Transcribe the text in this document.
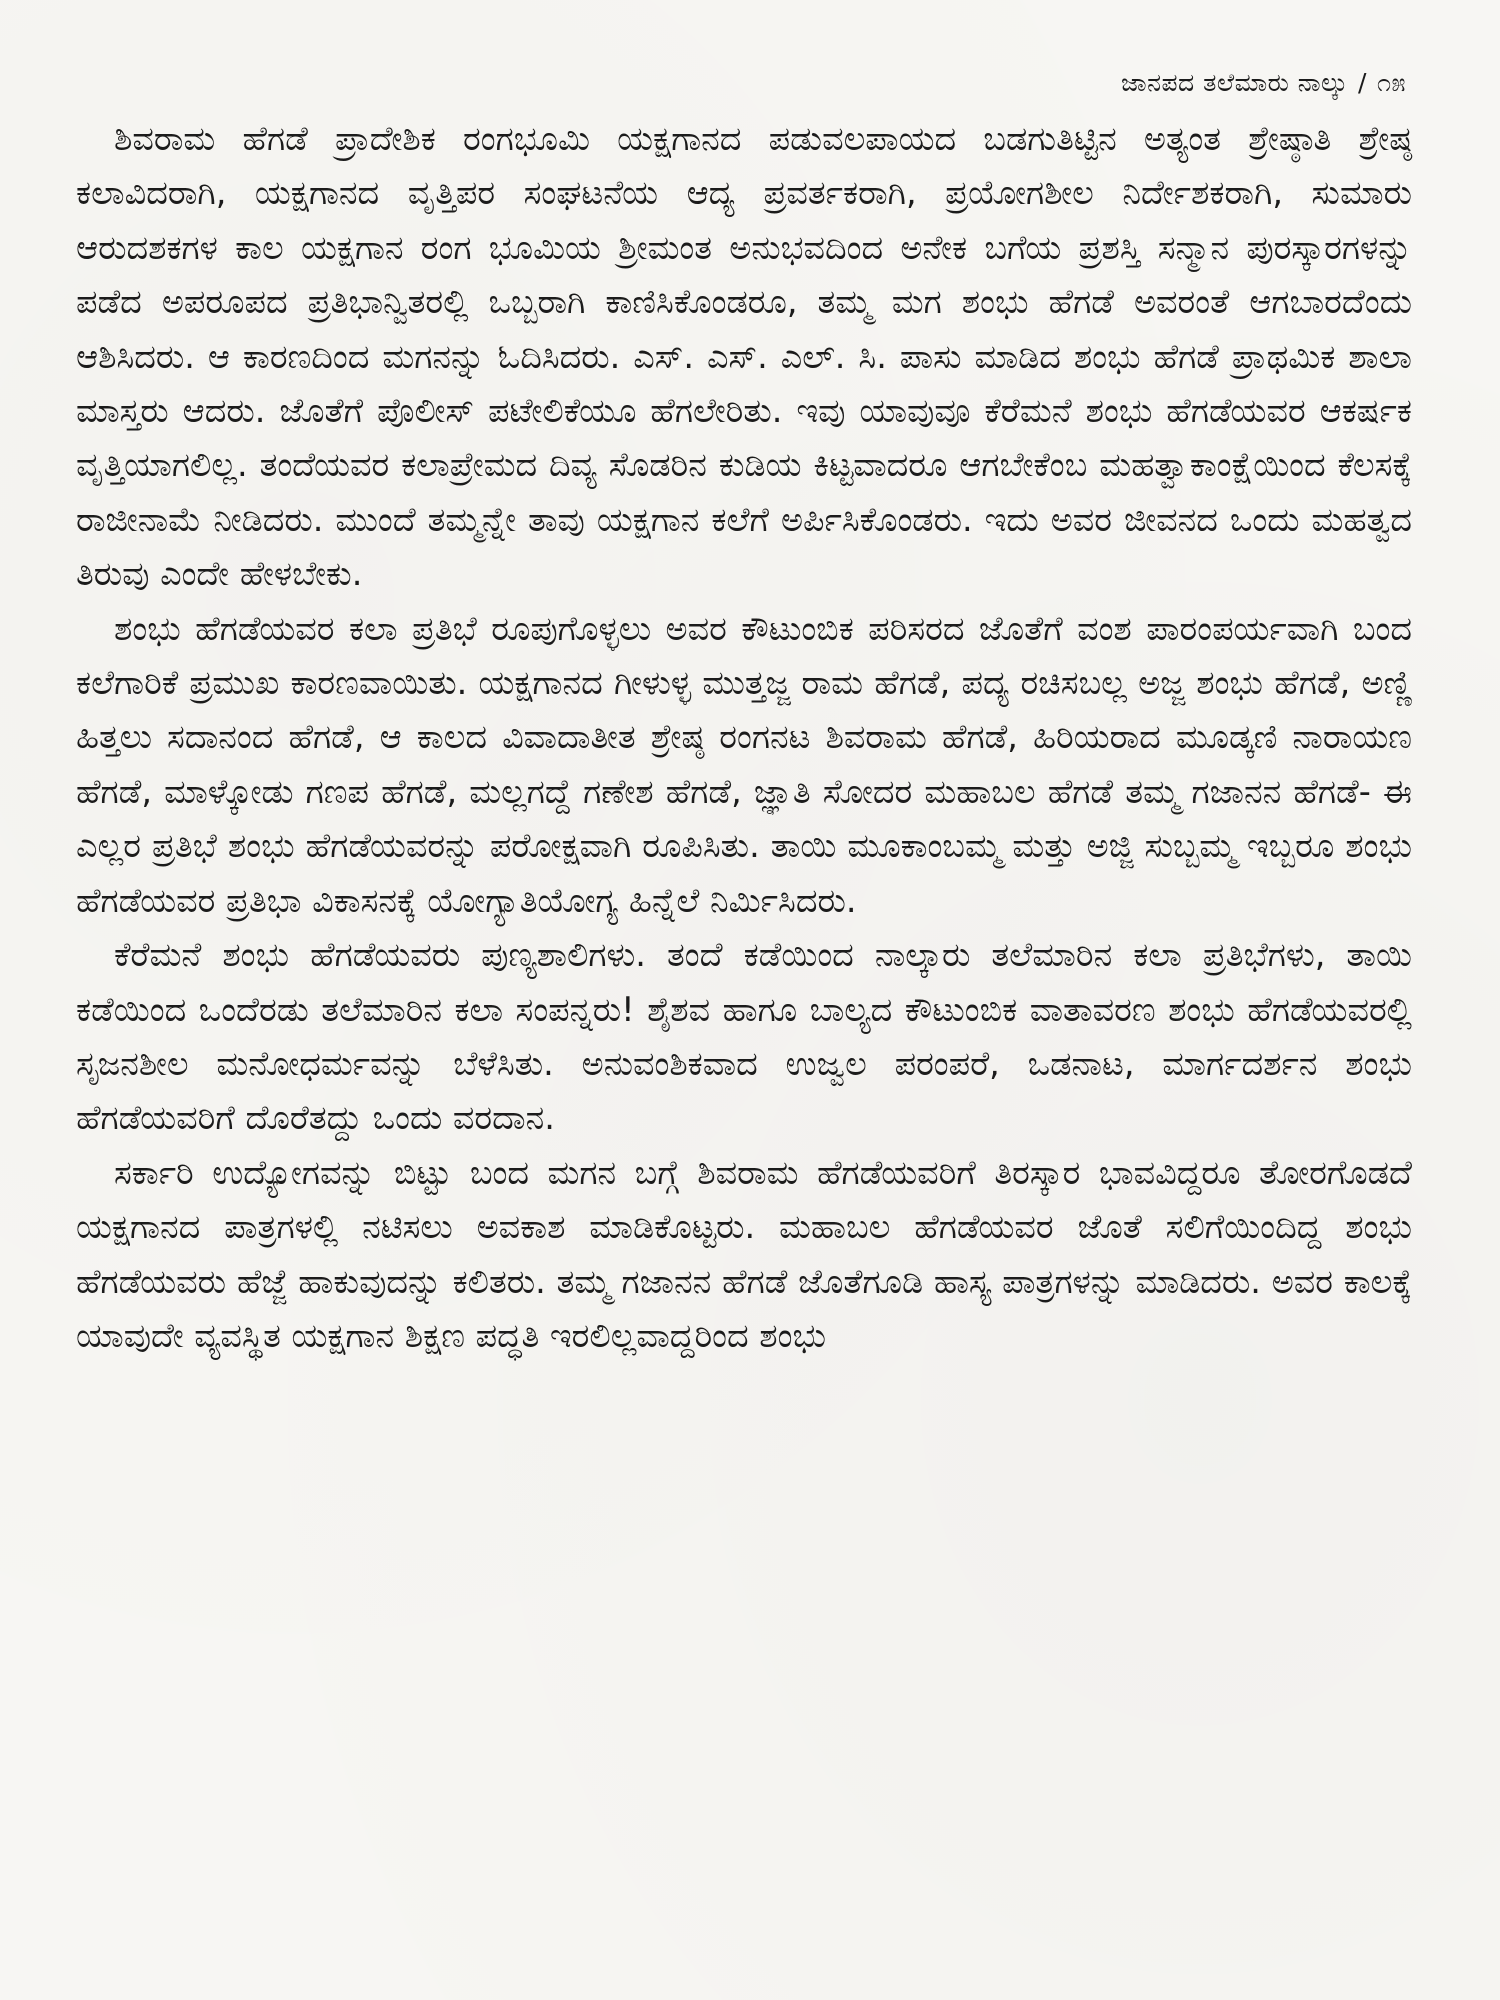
ಜಾನಪದ ತಲೆಮಾರು ನಾಲ್ಕು / ೧೫

ಶಿವರಾಮ ಹೆಗಡೆ ಪ್ರಾದೇಶಿಕ ರಂಗಭೂಮಿ ಯಕ್ಷಗಾನದ ಪಡುವಲಪಾಯದ ಬಡಗುತಿಟ್ಟಿನ ಅತ್ಯಂತ ಶ್ರೇಷ್ಠಾತಿ ಶ್ರೇಷ್ಠ ಕಲಾವಿದರಾಗಿ, ಯಕ್ಷಗಾನದ ವೃತ್ತಿಪರ ಸಂಘಟನೆಯ ಆದ್ಯ ಪ್ರವರ್ತಕರಾಗಿ, ಪ್ರಯೋಗಶೀಲ ನಿರ್ದೇಶಕರಾಗಿ, ಸುಮಾರು ಆರುದಶಕಗಳ ಕಾಲ ಯಕ್ಷಗಾನ ರಂಗ ಭೂಮಿಯ ಶ್ರೀಮಂತ ಅನುಭವದಿಂದ ಅನೇಕ ಬಗೆಯ ಪ್ರಶಸ್ತಿ ಸನ್ಮಾನ ಪುರಸ್ಕಾರಗಳನ್ನು ಪಡೆದ ಅಪರೂಪದ ಪ್ರತಿಭಾನ್ವಿತರಲ್ಲಿ ಒಬ್ಬರಾಗಿ ಕಾಣಿಸಿಕೊಂಡರೂ, ತಮ್ಮ ಮಗ ಶಂಭು ಹೆಗಡೆ ಅವರಂತೆ ಆಗಬಾರದೆಂದು ಆಶಿಸಿದರು. ಆ ಕಾರಣದಿಂದ ಮಗನನ್ನು ಓದಿಸಿದರು. ಎಸ್. ಎಸ್. ಎಲ್. ಸಿ. ಪಾಸು ಮಾಡಿದ ಶಂಭು ಹೆಗಡೆ ಪ್ರಾಥಮಿಕ ಶಾಲಾ ಮಾಸ್ತರು ಆದರು. ಜೊತೆಗೆ ಪೊಲೀಸ್ ಪಟೇಲಿಕೆಯೂ ಹೆಗಲೇರಿತು. ಇವು ಯಾವುವೂ ಕೆರೆಮನೆ ಶಂಭು ಹೆಗಡೆಯವರ ಆಕರ್ಷಕ ವೃತ್ತಿಯಾಗಲಿಲ್ಲ. ತಂದೆಯವರ ಕಲಾಪ್ರೇಮದ ದಿವ್ಯ ಸೊಡರಿನ ಕುಡಿಯ ಕಿಟ್ಟವಾದರೂ ಆಗಬೇಕೆಂಬ ಮಹತ್ವಾಕಾಂಕ್ಷೆಯಿಂದ ಕೆಲಸಕ್ಕೆ ರಾಜೀನಾಮೆ ನೀಡಿದರು. ಮುಂದೆ ತಮ್ಮನ್ನೇ ತಾವು ಯಕ್ಷಗಾನ ಕಲೆಗೆ ಅರ್ಪಿಸಿಕೊಂಡರು. ಇದು ಅವರ ಜೀವನದ ಒಂದು ಮಹತ್ವದ ತಿರುವು ಎಂದೇ ಹೇಳಬೇಕು.

ಶಂಭು ಹೆಗಡೆಯವರ ಕಲಾ ಪ್ರತಿಭೆ ರೂಪುಗೊಳ್ಳಲು ಅವರ ಕೌಟುಂಬಿಕ ಪರಿಸರದ ಜೊತೆಗೆ ವಂಶ ಪಾರಂಪರ್ಯವಾಗಿ ಬಂದ ಕಲೆಗಾರಿಕೆ ಪ್ರಮುಖ ಕಾರಣವಾಯಿತು. ಯಕ್ಷಗಾನದ ಗೀಳುಳ್ಳ ಮುತ್ತಜ್ಜ ರಾಮ ಹೆಗಡೆ, ಪದ್ಯ ರಚಿಸಬಲ್ಲ ಅಜ್ಜ ಶಂಭು ಹೆಗಡೆ, ಅಣ್ಣಿ ಹಿತ್ತಲು ಸದಾನಂದ ಹೆಗಡೆ, ಆ ಕಾಲದ ವಿವಾದಾತೀತ ಶ್ರೇಷ್ಠ ರಂಗನಟ ಶಿವರಾಮ ಹೆಗಡೆ, ಹಿರಿಯರಾದ ಮೂಡ್ಕಣಿ ನಾರಾಯಣ ಹೆಗಡೆ, ಮಾಳ್ಕೋಡು ಗಣಪ ಹೆಗಡೆ, ಮಲ್ಲಗದ್ದೆ ಗಣೇಶ ಹೆಗಡೆ, ಜ್ಞಾತಿ ಸೋದರ ಮಹಾಬಲ ಹೆಗಡೆ ತಮ್ಮ ಗಜಾನನ ಹೆಗಡೆ- ಈ ಎಲ್ಲರ ಪ್ರತಿಭೆ ಶಂಭು ಹೆಗಡೆಯವರನ್ನು ಪರೋಕ್ಷವಾಗಿ ರೂಪಿಸಿತು. ತಾಯಿ ಮೂಕಾಂಬಮ್ಮ ಮತ್ತು ಅಜ್ಜಿ ಸುಬ್ಬಮ್ಮ ಇಬ್ಬರೂ ಶಂಭು ಹೆಗಡೆಯವರ ಪ್ರತಿಭಾ ವಿಕಾಸನಕ್ಕೆ ಯೋಗ್ಯಾತಿಯೋಗ್ಯ ಹಿನ್ನೆಲೆ ನಿರ್ಮಿಸಿದರು.

ಕೆರೆಮನೆ ಶಂಭು ಹೆಗಡೆಯವರು ಪುಣ್ಯಶಾಲಿಗಳು. ತಂದೆ ಕಡೆಯಿಂದ ನಾಲ್ಕಾರು ತಲೆಮಾರಿನ ಕಲಾ ಪ್ರತಿಭೆಗಳು, ತಾಯಿ ಕಡೆಯಿಂದ ಒಂದೆರಡು ತಲೆಮಾರಿನ ಕಲಾ ಸಂಪನ್ನರು! ಶೈಶವ ಹಾಗೂ ಬಾಲ್ಯದ ಕೌಟುಂಬಿಕ ವಾತಾವರಣ ಶಂಭು ಹೆಗಡೆಯವರಲ್ಲಿ ಸೃಜನಶೀಲ ಮನೋಧರ್ಮವನ್ನು ಬೆಳೆಸಿತು. ಅನುವಂಶಿಕವಾದ ಉಜ್ವಲ ಪರಂಪರೆ, ಒಡನಾಟ, ಮಾರ್ಗದರ್ಶನ ಶಂಭು ಹೆಗಡೆಯವರಿಗೆ ದೊರೆತದ್ದು ಒಂದು ವರದಾನ.

ಸರ್ಕಾರಿ ಉದ್ಯೋಗವನ್ನು ಬಿಟ್ಟು ಬಂದ ಮಗನ ಬಗ್ಗೆ ಶಿವರಾಮ ಹೆಗಡೆಯವರಿಗೆ ತಿರಸ್ಕಾರ ಭಾವವಿದ್ದರೂ ತೋರಗೊಡದೆ ಯಕ್ಷಗಾನದ ಪಾತ್ರಗಳಲ್ಲಿ ನಟಿಸಲು ಅವಕಾಶ ಮಾಡಿಕೊಟ್ಟರು. ಮಹಾಬಲ ಹೆಗಡೆಯವರ ಜೊತೆ ಸಲಿಗೆಯಿಂದಿದ್ದ ಶಂಭು ಹೆಗಡೆಯವರು ಹೆಜ್ಜೆ ಹಾಕುವುದನ್ನು ಕಲಿತರು. ತಮ್ಮ ಗಜಾನನ ಹೆಗಡೆ ಜೊತೆಗೂಡಿ ಹಾಸ್ಯ ಪಾತ್ರಗಳನ್ನು ಮಾಡಿದರು. ಅವರ ಕಾಲಕ್ಕೆ ಯಾವುದೇ ವ್ಯವಸ್ಥಿತ ಯಕ್ಷಗಾನ ಶಿಕ್ಷಣ ಪದ್ಧತಿ ಇರಲಿಲ್ಲವಾದ್ದರಿಂದ ಶಂಭು
